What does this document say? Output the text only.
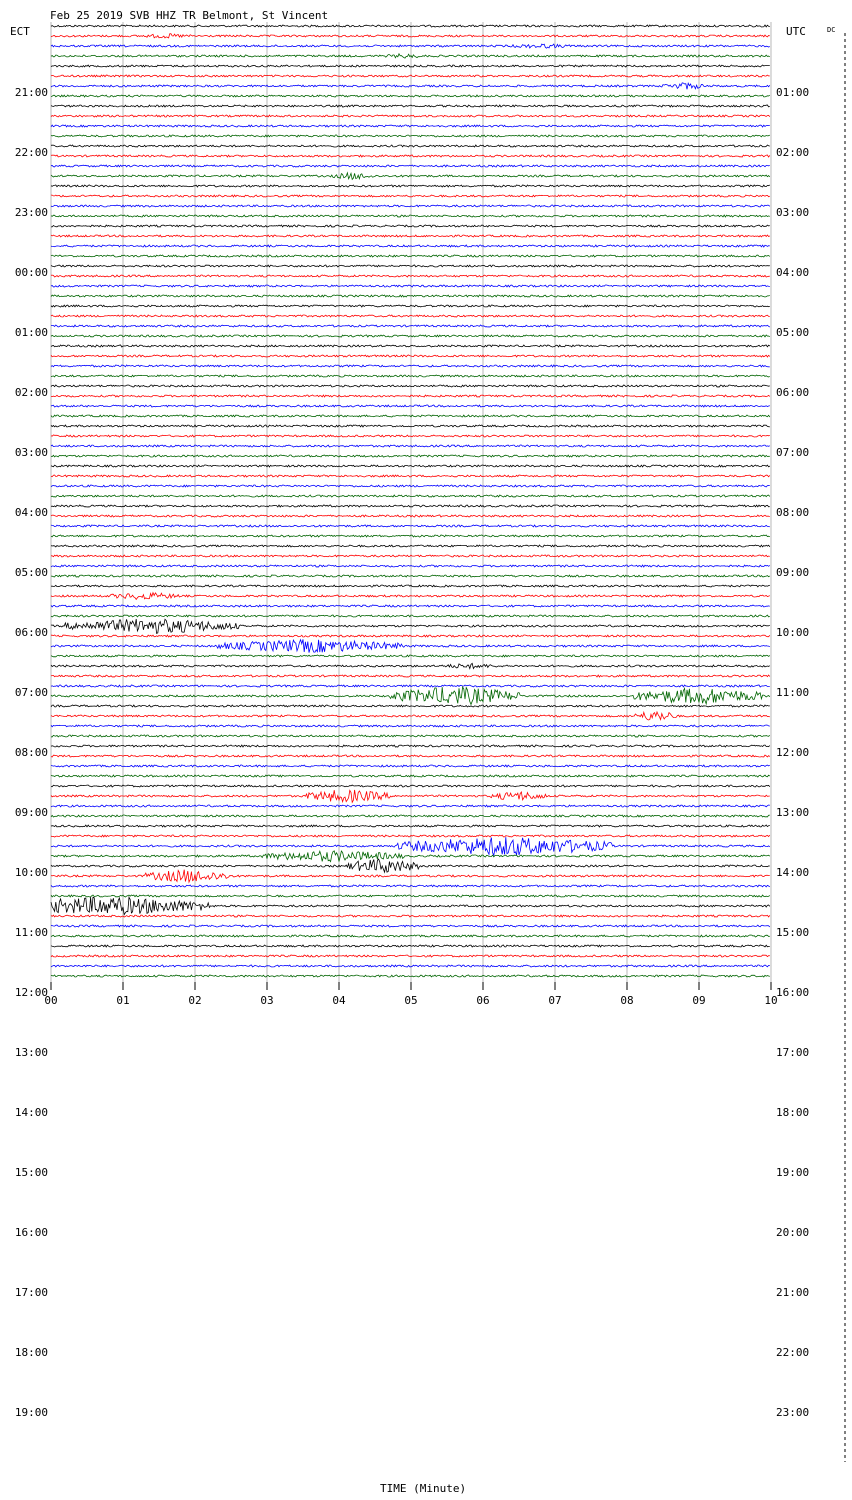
21:00
22:00
23:00
00:00
01:00
02:00
03:00
04:00
05:00
06:00
07:00
08:00
09:00
10:00
11:00
12:00
13:00
14:00
15:00
16:00
17:00
18:00
19:00
01:00
02:00
03:00
04:00
05:00
06:00
07:00
08:00
09:00
10:00
11:00
12:00
13:00
14:00
15:00
16:00
17:00
18:00
19:00
20:00
21:00
22:00
23:00
00	01	02	03	04	05	06	07	08	09	10
Feb 25 2019 SVB HHZ TR Belmont, St Vincent
ECT	UTC	DC
TIME (Minute)
